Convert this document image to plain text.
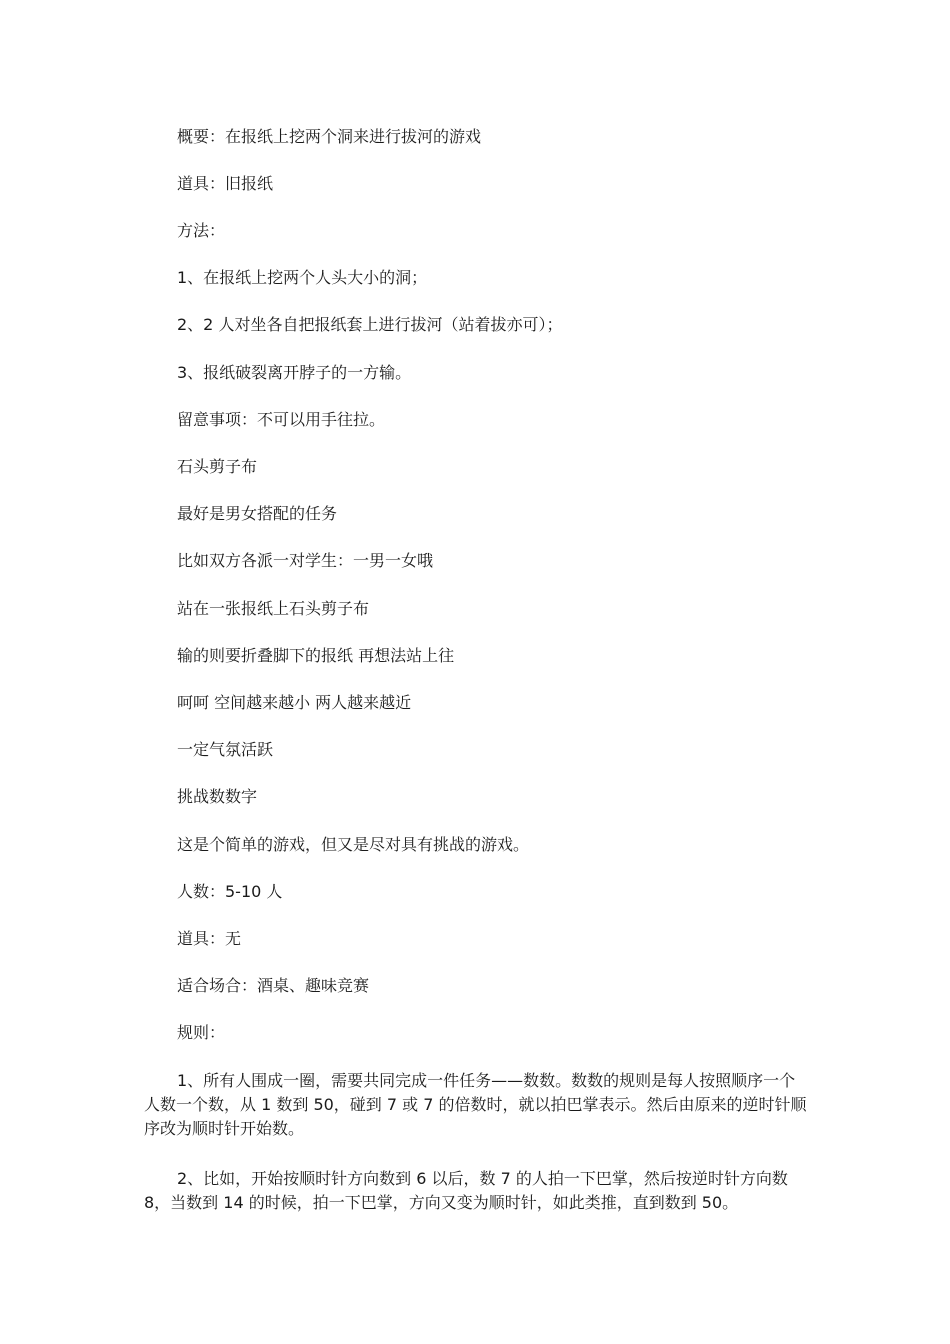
概要：在报纸上挖两个洞来进行拔河的游戏

道具：旧报纸

方法：

1、在报纸上挖两个人头大小的洞；

2、2 人对坐各自把报纸套上进行拔河（站着拔亦可）；

3、报纸破裂离开脖子的一方输。

留意事项：不可以用手往拉。

石头剪子布

最好是男女搭配的任务

比如双方各派一对学生：一男一女哦

站在一张报纸上石头剪子布

输的则要折叠脚下的报纸 再想法站上往

呵呵 空间越来越小 两人越来越近

一定气氛活跃

挑战数数字

这是个简单的游戏，但又是尽对具有挑战的游戏。

人数：5-10 人

道具：无

适合场合：酒桌、趣味竞赛

规则：

1、所有人围成一圈，需要共同完成一件任务——数数。数数的规则是每人按照顺序一个人数一个数，从 1 数到 50，碰到 7 或 7 的倍数时，就以拍巴掌表示。然后由原来的逆时针顺序改为顺时针开始数。

2、比如，开始按顺时针方向数到 6 以后，数 7 的人拍一下巴掌，然后按逆时针方向数 8，当数到 14 的时候，拍一下巴掌，方向又变为顺时针，如此类推，直到数到 50。
